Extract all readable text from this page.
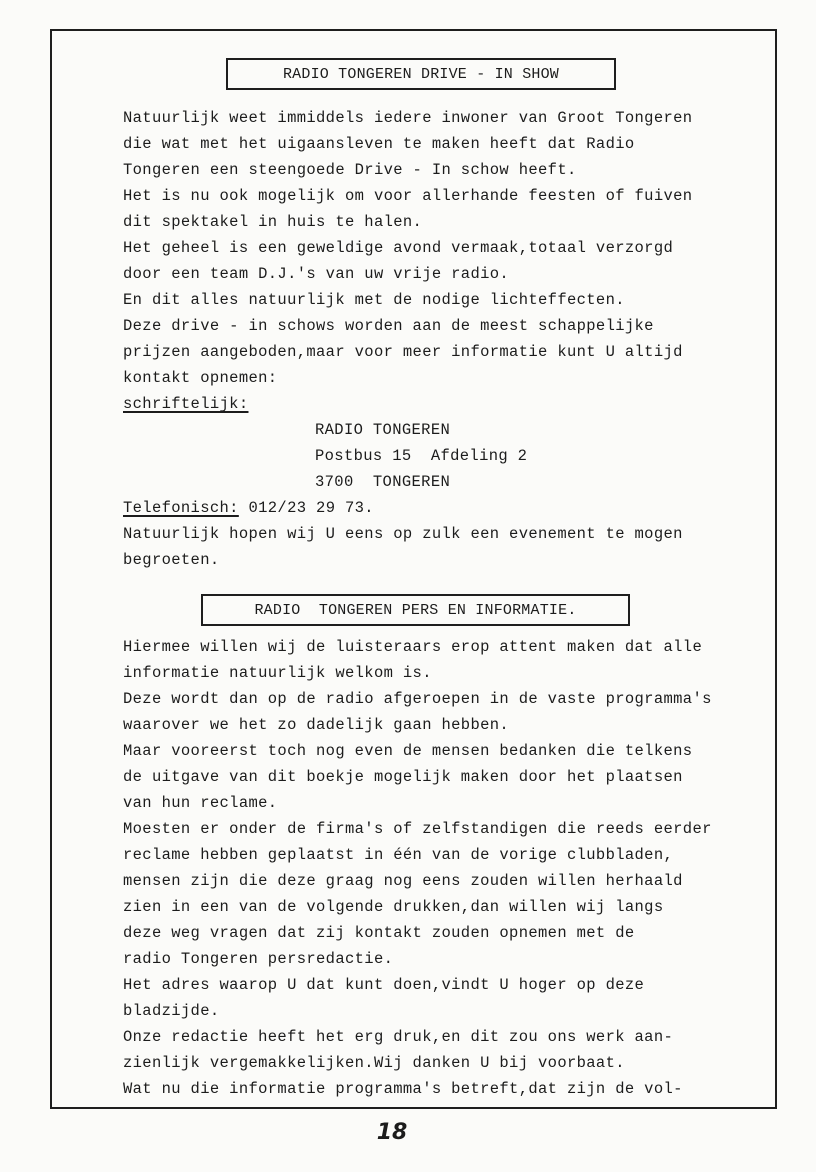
RADIO TONGEREN DRIVE - IN SHOW
Natuurlijk weet immiddels iedere inwoner van Groot Tongeren
die wat met het uigaansleven te maken heeft dat Radio
Tongeren een steengoede Drive - In schow heeft.
Het is nu ook mogelijk om voor allerhande feesten of fuiven
dit spektakel in huis te halen.
Het geheel is een geweldige avond vermaak,totaal verzorgd
door een team D.J.'s van uw vrije radio.
En dit alles natuurlijk met de nodige lichteffecten.
Deze drive - in schows worden aan de meest schappelijke
prijzen aangeboden,maar voor meer informatie kunt U altijd
kontakt opnemen:
schriftelijk:
RADIO TONGEREN
Postbus 15  Afdeling 2
3700  TONGEREN
Telefonisch: 012/23 29 73.
Natuurlijk hopen wij U eens op zulk een evenement te mogen
begroeten.
RADIO  TONGEREN PERS EN INFORMATIE.
Hiermee willen wij de luisteraars erop attent maken dat alle
informatie natuurlijk welkom is.
Deze wordt dan op de radio afgeroepen in de vaste programma's
waarover we het zo dadelijk gaan hebben.
Maar vooreerst toch nog even de mensen bedanken die telkens
de uitgave van dit boekje mogelijk maken door het plaatsen
van hun reclame.
Moesten er onder de firma's of zelfstandigen die reeds eerder
reclame hebben geplaatst in één van de vorige clubbladen,
mensen zijn die deze graag nog eens zouden willen herhaald
zien in een van de volgende drukken,dan willen wij langs
deze weg vragen dat zij kontakt zouden opnemen met de
radio Tongeren persredactie.
Het adres waarop U dat kunt doen,vindt U hoger op deze
bladzijde.
Onze redactie heeft het erg druk,en dit zou ons werk aan-
zienlijk vergemakkelijken.Wij danken U bij voorbaat.
Wat nu die informatie programma's betreft,dat zijn de vol-
18
